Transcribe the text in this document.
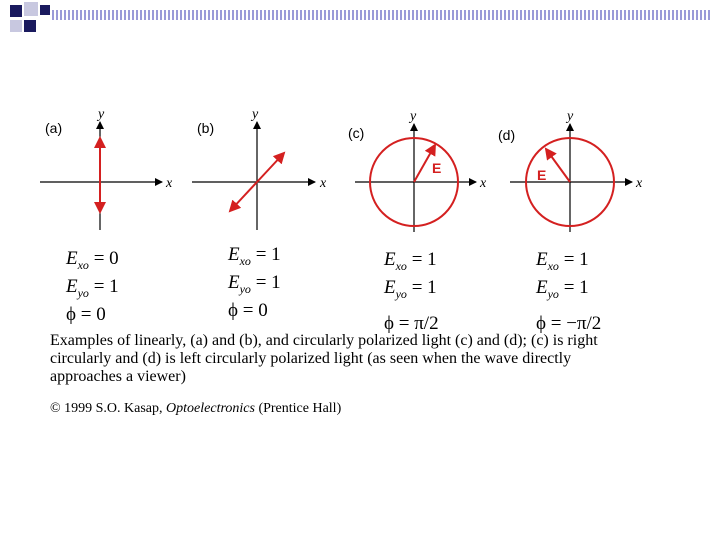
(a)
y
x
(b)
y
x
(c)
y
x
E
(d)
y
x
E
$E_{xo} = 0$
$E_{yo} = 1$
ϕ = 0
$E_{xo} = 1$
$E_{yo} = 1$
ϕ = 0
$E_{xo} = 1$
$E_{yo} = 1$
ϕ = π/2
$E_{xo} = 1$
$E_{yo} = 1$
ϕ = −π/2
Examples of linearly, (a) and (b), and circularly polarized light (c) and (d); (c) is right circularly and (d) is left circularly polarized light (as seen when the wave directly approaches a viewer)
© 1999 S.O. Kasap, Optoelectronics (Prentice Hall)
